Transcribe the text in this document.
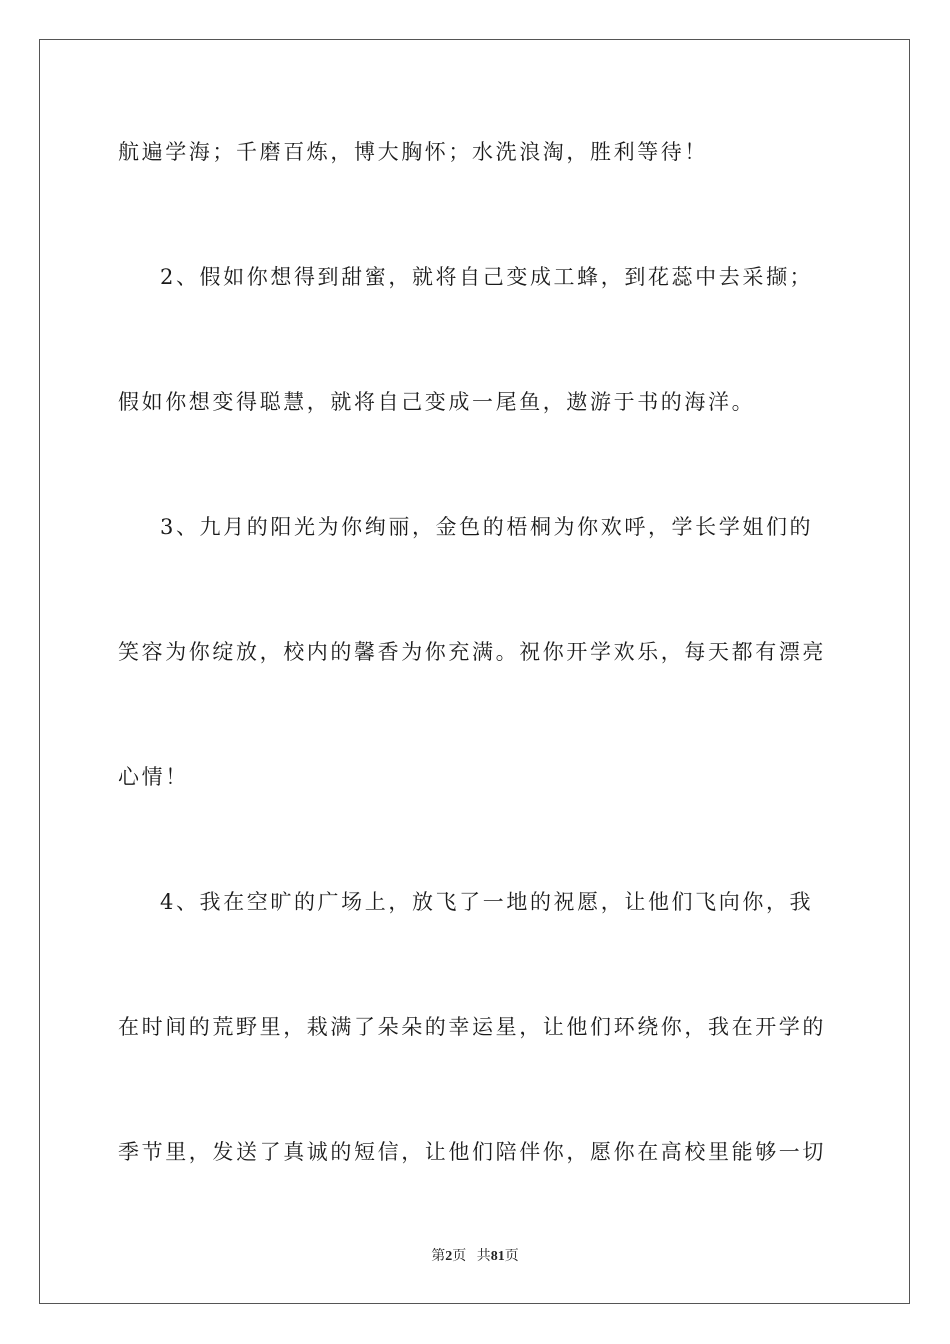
航遍学海；千磨百炼，博大胸怀；水洗浪淘，胜利等待！
2、假如你想得到甜蜜，就将自己变成工蜂，到花蕊中去采撷；
假如你想变得聪慧，就将自己变成一尾鱼，遨游于书的海洋。
3、九月的阳光为你绚丽，金色的梧桐为你欢呼，学长学姐们的
笑容为你绽放，校内的馨香为你充满。祝你开学欢乐，每天都有漂亮
心情！
4、我在空旷的广场上，放飞了一地的祝愿，让他们飞向你，我
在时间的荒野里，栽满了朵朵的幸运星，让他们环绕你，我在开学的
季节里，发送了真诚的短信，让他们陪伴你，愿你在高校里能够一切
第2页 共81页
